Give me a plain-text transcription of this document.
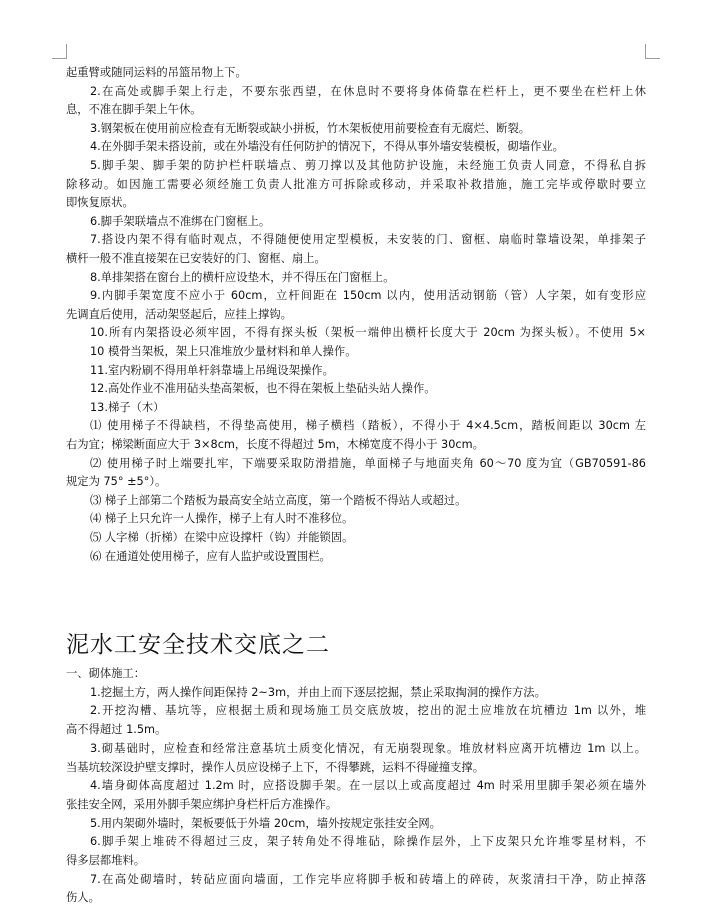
起重臂或随同运料的吊篮吊物上下。
2.在高处或脚手架上行走，不要东张西望，在休息时不要将身体倚靠在栏杆上，更不要坐在栏杆上休
息，不准在脚手架上午休。
3.钢架板在使用前应检查有无断裂或缺小拼板，竹木架板使用前要检查有无腐烂、断裂。
4.在外脚手架未搭设前，或在外墙没有任何防护的情况下，不得从事外墙安装模板，砌墙作业。
5.脚手架、脚手架的防护栏杆联墙点、剪刀撑以及其他防护设施，未经施工负责人同意，不得私自拆
除移动。如因施工需要必须经施工负责人批准方可拆除或移动，并采取补救措施，施工完毕或停歇时要立
即恢复原状。
6.脚手架联墙点不准绑在门窗框上。
7.搭设内架不得有临时观点，不得随便使用定型模板，未安装的门、窗框、扇临时靠墙设架，单排架子
横杆一般不准直接架在已安装好的门、窗框、扇上。
8.单排架搭在窗台上的横杆应设垫木，并不得压在门窗框上。
9.内脚手架宽度不应小于 60cm，立杆间距在 150cm 以内，使用活动钢筋（管）人字架，如有变形应
先调直后使用，活动架竖起后，应挂上撑钩。
10.所有内架搭设必须牢固，不得有探头板（架板一端伸出横杆长度大于 20cm 为探头板）。不使用 5×
10 模骨当架板，架上只准堆放少量材料和单人操作。
11.室内粉刷不得用单杆斜靠墙上吊绳设架操作。
12.高处作业不准用砧头垫高架板，也不得在架板上垫砧头站人操作。
13.梯子（木）
⑴ 使用梯子不得缺档，不得垫高使用，梯子横档（踏板），不得小于 4×4.5cm，踏板间距以 30cm 左
右为宜；梯梁断面应大于 3×8cm，长度不得超过 5m，木梯宽度不得小于 30cm。
⑵ 使用梯子时上端要扎牢，下端要采取防滑措施，单面梯子与地面夹角 60～70 度为宜（GB70591-86
规定为 75° ±5°）。
⑶ 梯子上部第二个踏板为最高安全站立高度，第一个踏板不得站人或超过。
⑷ 梯子上只允许一人操作，梯子上有人时不准移位。
⑸ 人字梯（折梯）在梁中应设撑杆（钩）并能锁固。
⑹ 在通道处使用梯子，应有人监护或设置围栏。
泥水工安全技术交底之二
一、砌体施工：
1.挖掘土方，两人操作间距保持 2~3m，并由上而下逐层挖掘，禁止采取掏洞的操作方法。
2.开挖沟槽、基坑等，应根据土质和现场施工员交底放坡，挖出的泥土应堆放在坑槽边 1m 以外，堆
高不得超过 1.5m。
3.砌基础时，应检查和经常注意基坑土质变化情况，有无崩裂现象。堆放材料应离开坑槽边 1m 以上。
当基坑较深设护壁支撑时，操作人员应设梯子上下，不得攀跳，运料不得碰撞支撑。
4.墙身砌体高度超过 1.2m 时，应搭设脚手架。在一层以上或高度超过 4m 时采用里脚手架必须在墙外
张挂安全网，采用外脚手架应绑护身栏杆后方准操作。
5.用内架砌外墙时，架板要低于外墙 20cm，墙外按规定张挂安全网。
6.脚手架上堆砖不得超过三皮，架子转角处不得堆砧，除操作层外，上下皮架只允许堆零星材料，不
得多层都堆料。
7.在高处砌墙时，转砧应面向墙面，工作完毕应将脚手板和砖墙上的碎砖，灰浆清扫干净，防止掉落
伤人。
